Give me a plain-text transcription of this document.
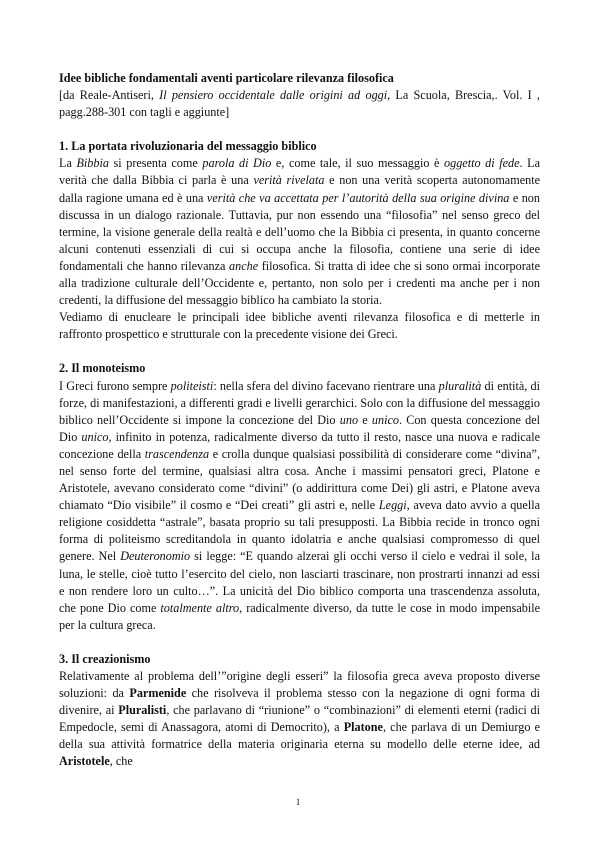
Idee bibliche fondamentali aventi particolare rilevanza filosofica

[da Reale-Antiseri, Il pensiero occidentale dalle origini ad oggi, La Scuola, Brescia,. Vol. I , pagg.288-301 con tagli e aggiunte]

1. La portata rivoluzionaria del messaggio biblico

La Bibbia si presenta come parola di Dio e, come tale, il suo messaggio è oggetto di fede. La verità che dalla Bibbia ci parla è una verità rivelata e non una verità scoperta autonomamente dalla ragione umana ed è una verità che va accettata per l’autorità della sua origine divina e non discussa in un dialogo razionale. Tuttavia, pur non essendo una “filosofia” nel senso greco del termine, la visione generale della realtà e dell’uomo che la Bibbia ci presenta, in quanto concerne alcuni contenuti essenziali di cui si occupa anche la filosofia, contiene una serie di idee fondamentali che hanno rilevanza anche filosofica. Si tratta di idee che si sono ormai incorporate alla tradizione culturale dell’Occidente e, pertanto, non solo per i credenti ma anche per i non credenti, la diffusione del messaggio biblico ha cambiato la storia.

Vediamo di enucleare le principali idee bibliche aventi rilevanza filosofica e di metterle in raffronto prospettico e strutturale con la precedente visione dei Greci.

2. Il monoteismo

I Greci furono sempre politeisti: nella sfera del divino facevano rientrare una pluralità di entità, di forze, di manifestazioni, a differenti gradi e livelli gerarchici. Solo con la diffusione del messaggio biblico nell’Occidente si impone la concezione del Dio uno e unico. Con questa concezione del Dio unico, infinito in potenza, radicalmente diverso da tutto il resto, nasce una nuova e radicale concezione della trascendenza e crolla dunque qualsiasi possibilità di considerare come “divina”, nel senso forte del termine, qualsiasi altra cosa. Anche i massimi pensatori greci, Platone e Aristotele, avevano considerato come “divini” (o addirittura come Dei) gli astri, e Platone aveva chiamato “Dio visibile” il cosmo e “Dei creati” gli astri e, nelle Leggi, aveva dato avvio a quella religione cosiddetta “astrale”, basata proprio su tali presupposti. La Bibbia recide in tronco ogni forma di politeismo screditandola in quanto idolatria e anche qualsiasi compromesso di quel genere. Nel Deuteronomio si legge: “E quando alzerai gli occhi verso il cielo e vedrai il sole, la luna, le stelle, cioè tutto l’esercito del cielo, non lasciarti trascinare, non prostrarti innanzi ad essi e non rendere loro un culto…”. La unicità del Dio biblico comporta una trascendenza assoluta, che pone Dio come totalmente altro, radicalmente diverso, da tutte le cose in modo impensabile per la cultura greca.

3. Il creazionismo

Relativamente al problema dell’”origine degli esseri” la filosofia greca aveva proposto diverse soluzioni: da Parmenide che risolveva il problema stesso con la negazione di ogni forma di divenire, ai Pluralisti, che parlavano di “riunione” o “combinazioni” di elementi eterni (radici di Empedocle, semi di Anassagora, atomi di Democrito), a Platone, che parlava di un Demiurgo e della sua attività formatrice della materia originaria eterna su modello delle eterne idee, ad Aristotele, che

1
